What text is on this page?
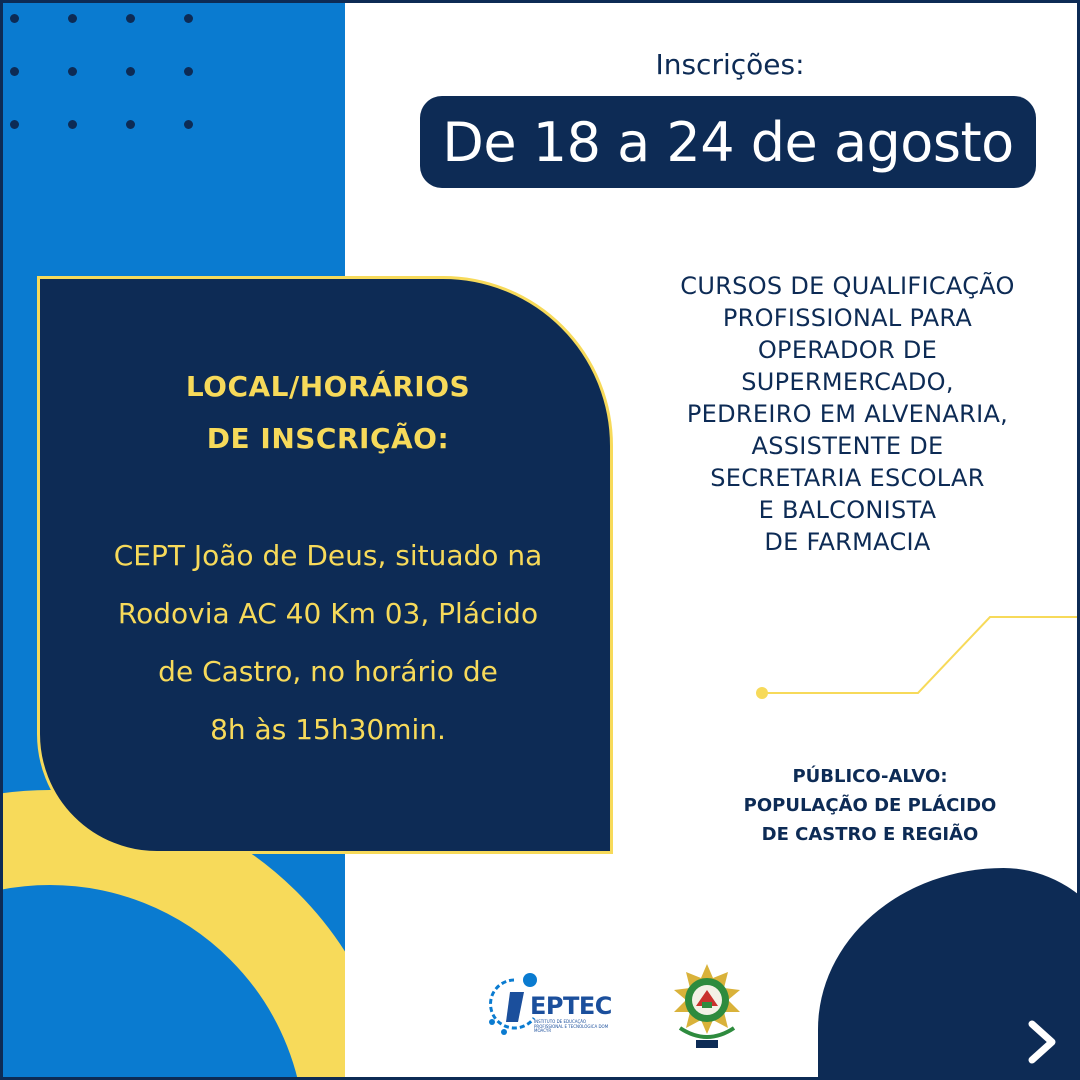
Inscrições:
De 18 a 24 de agosto
LOCAL/HORÁRIOS
DE INSCRIÇÃO:
CEPT João de Deus, situado na
Rodovia AC 40 Km 03, Plácido
de Castro, no horário de
8h às 15h30min.
CURSOS DE QUALIFICAÇÃO
PROFISSIONAL PARA
OPERADOR DE
SUPERMERCADO,
PEDREIRO EM ALVENARIA,
ASSISTENTE DE
SECRETARIA ESCOLAR
E BALCONISTA
DE FARMACIA
PÚBLICO-ALVO:
POPULAÇÃO DE PLÁCIDO
DE CASTRO E REGIÃO
EPTEC
INSTITUTO DE EDUCAÇÃO PROFISSIONAL E TECNOLÓGICA DOM MOACYR
